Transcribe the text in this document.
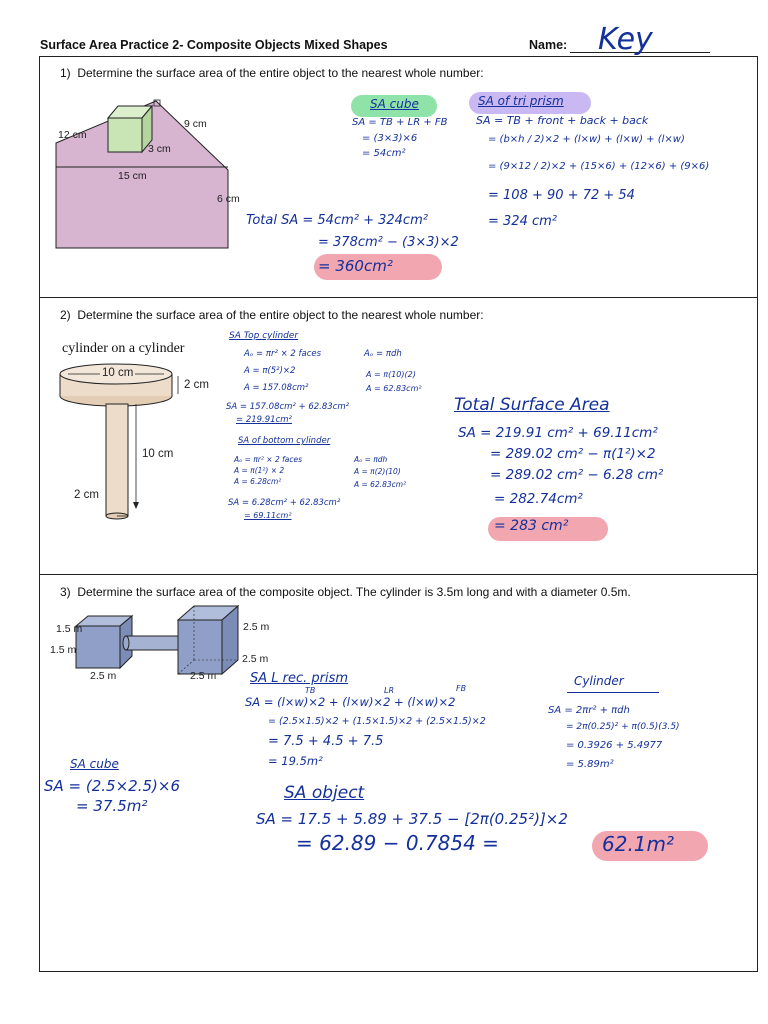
Surface Area Practice 2- Composite Objects Mixed Shapes	Name: Key
1)  Determine the surface area of the entire object to the nearest whole number:
12 cm
9 cm
3 cm
15 cm
6 cm
SA cube
SA = TB + LR + FB
= (3×3)×6
= 54cm²
SA of tri prism
SA = TB + front + back + back
= (b×h / 2)×2 + (l×w) + (l×w) + (l×w)
= (9×12 / 2)×2 + (15×6) + (12×6) + (9×6)
= 108 + 90 + 72 + 54
= 324 cm²
Total SA = 54cm² + 324cm²
= 378cm² − (3×3)×2
= 360cm²
2)  Determine the surface area of the entire object to the nearest whole number:
cylinder on a cylinder
10 cm
2 cm
10 cm
2 cm
SA Top cylinder
Aₒ = πr² × 2 faces
A = π(5²)×2
A = 157.08cm²
Aₒ = πdh
A = π(10)(2)
A = 62.83cm²
SA = 157.08cm² + 62.83cm²
= 219.91cm²
SA of bottom cylinder
Aₒ = πr² × 2 faces
A = π(1²) × 2
A = 6.28cm²
Aₒ = πdh
A = π(2)(10)
A = 62.83cm²
SA = 6.28cm² + 62.83cm²
= 69.11cm²
Total Surface Area
SA = 219.91 cm² + 69.11cm²
= 289.02 cm² − π(1²)×2
= 289.02 cm² − 6.28 cm²
= 282.74cm²
= 283 cm²
3)  Determine the surface area of the composite object. The cylinder is 3.5m long and with a diameter 0.5m.
1.5 m
1.5 m
2.5 m	2.5 m
2.5 m
2.5 m
SA L rec. prism
TB	LR	FB
SA = (l×w)×2 + (l×w)×2 + (l×w)×2
= (2.5×1.5)×2 + (1.5×1.5)×2 + (2.5×1.5)×2
= 7.5 + 4.5 + 7.5
= 19.5m²
Cylinder
SA = 2πr² + πdh
= 2π(0.25)² + π(0.5)(3.5)
= 0.3926 + 5.4977
= 5.89m²
SA cube
SA = (2.5×2.5)×6
= 37.5m²
SA object
SA = 17.5 + 5.89 + 37.5 − [2π(0.25²)]×2
= 62.89 − 0.7854 =	62.1m²
